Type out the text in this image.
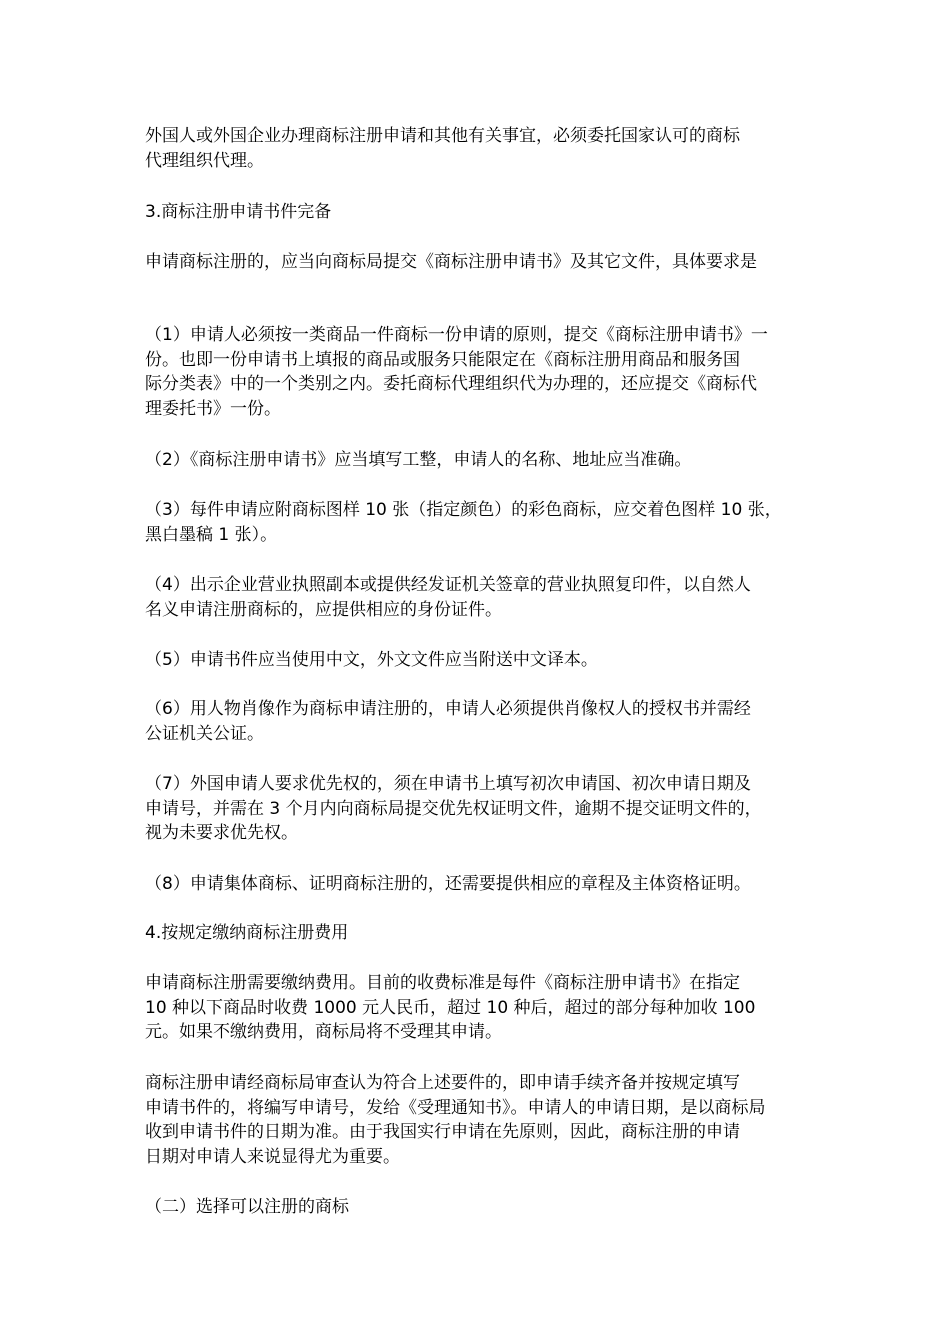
外国人或外国企业办理商标注册申请和其他有关事宜，必须委托国家认可的商标
代理组织代理。
3.商标注册申请书件完备
申请商标注册的，应当向商标局提交《商标注册申请书》及其它文件，具体要求是
（1）申请人必须按一类商品一件商标一份申请的原则，提交《商标注册申请书》一
份。也即一份申请书上填报的商品或服务只能限定在《商标注册用商品和服务国
际分类表》中的一个类别之内。委托商标代理组织代为办理的，还应提交《商标代
理委托书》一份。
（2）《商标注册申请书》应当填写工整，申请人的名称、地址应当准确。
（3）每件申请应附商标图样 10 张（指定颜色）的彩色商标，应交着色图样 10 张，
黑白墨稿 1 张）。
（4）出示企业营业执照副本或提供经发证机关签章的营业执照复印件，以自然人
名义申请注册商标的，应提供相应的身份证件。
（5）申请书件应当使用中文，外文文件应当附送中文译本。
（6）用人物肖像作为商标申请注册的，申请人必须提供肖像权人的授权书并需经
公证机关公证。
（7）外国申请人要求优先权的，须在申请书上填写初次申请国、初次申请日期及
申请号，并需在 3 个月内向商标局提交优先权证明文件，逾期不提交证明文件的，
视为未要求优先权。
（8）申请集体商标、证明商标注册的，还需要提供相应的章程及主体资格证明。
4.按规定缴纳商标注册费用
申请商标注册需要缴纳费用。目前的收费标准是每件《商标注册申请书》在指定
10 种以下商品时收费 1000 元人民币，超过 10 种后，超过的部分每种加收 100
元。如果不缴纳费用，商标局将不受理其申请。
商标注册申请经商标局审查认为符合上述要件的，即申请手续齐备并按规定填写
申请书件的，将编写申请号，发给《受理通知书》。申请人的申请日期，是以商标局
收到申请书件的日期为准。由于我国实行申请在先原则，因此，商标注册的申请
日期对申请人来说显得尤为重要。
（二）选择可以注册的商标
